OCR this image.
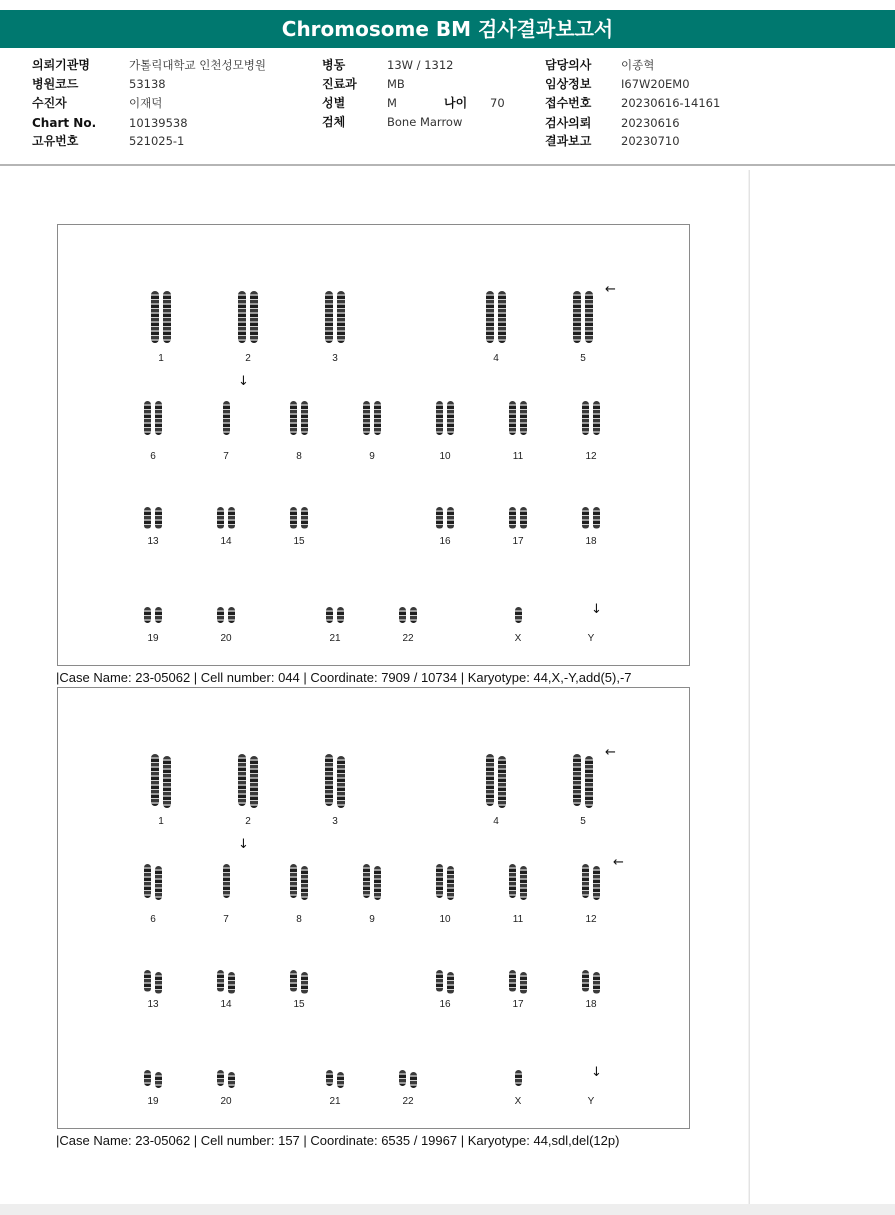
Chromosome BM 검사결과보고서
의뢰기관명	가톨릭대학교 인천성모병원
병원코드	53138
수진자	이재덕
Chart No.	10139538
고유번호	521025-1
병동	13W / 1312
진료과	MB
성별	M	나이 70
검체	Bone Marrow
담당의사	이종혁
임상정보	I67W20EM0
접수번호	20230616-14161
검사의뢰	20230616
결과보고	20230710
1	2	3	4	5
6	7	8	9	10	11	12
13	14	15	16	17	18
19	20	21	22	X	Y
←
↓
↓
|Case Name: 23-05062 | Cell number: 044 | Coordinate: 7909 / 10734 | Karyotype: 44,X,-Y,add(5),-7
1	2	3	4	5
6	7	8	9	10	11	12
13	14	15	16	17	18
19	20	21	22	X	Y
←
↓
←
↓
|Case Name: 23-05062 | Cell number: 157 | Coordinate: 6535 / 19967 | Karyotype: 44,sdl,del(12p)
